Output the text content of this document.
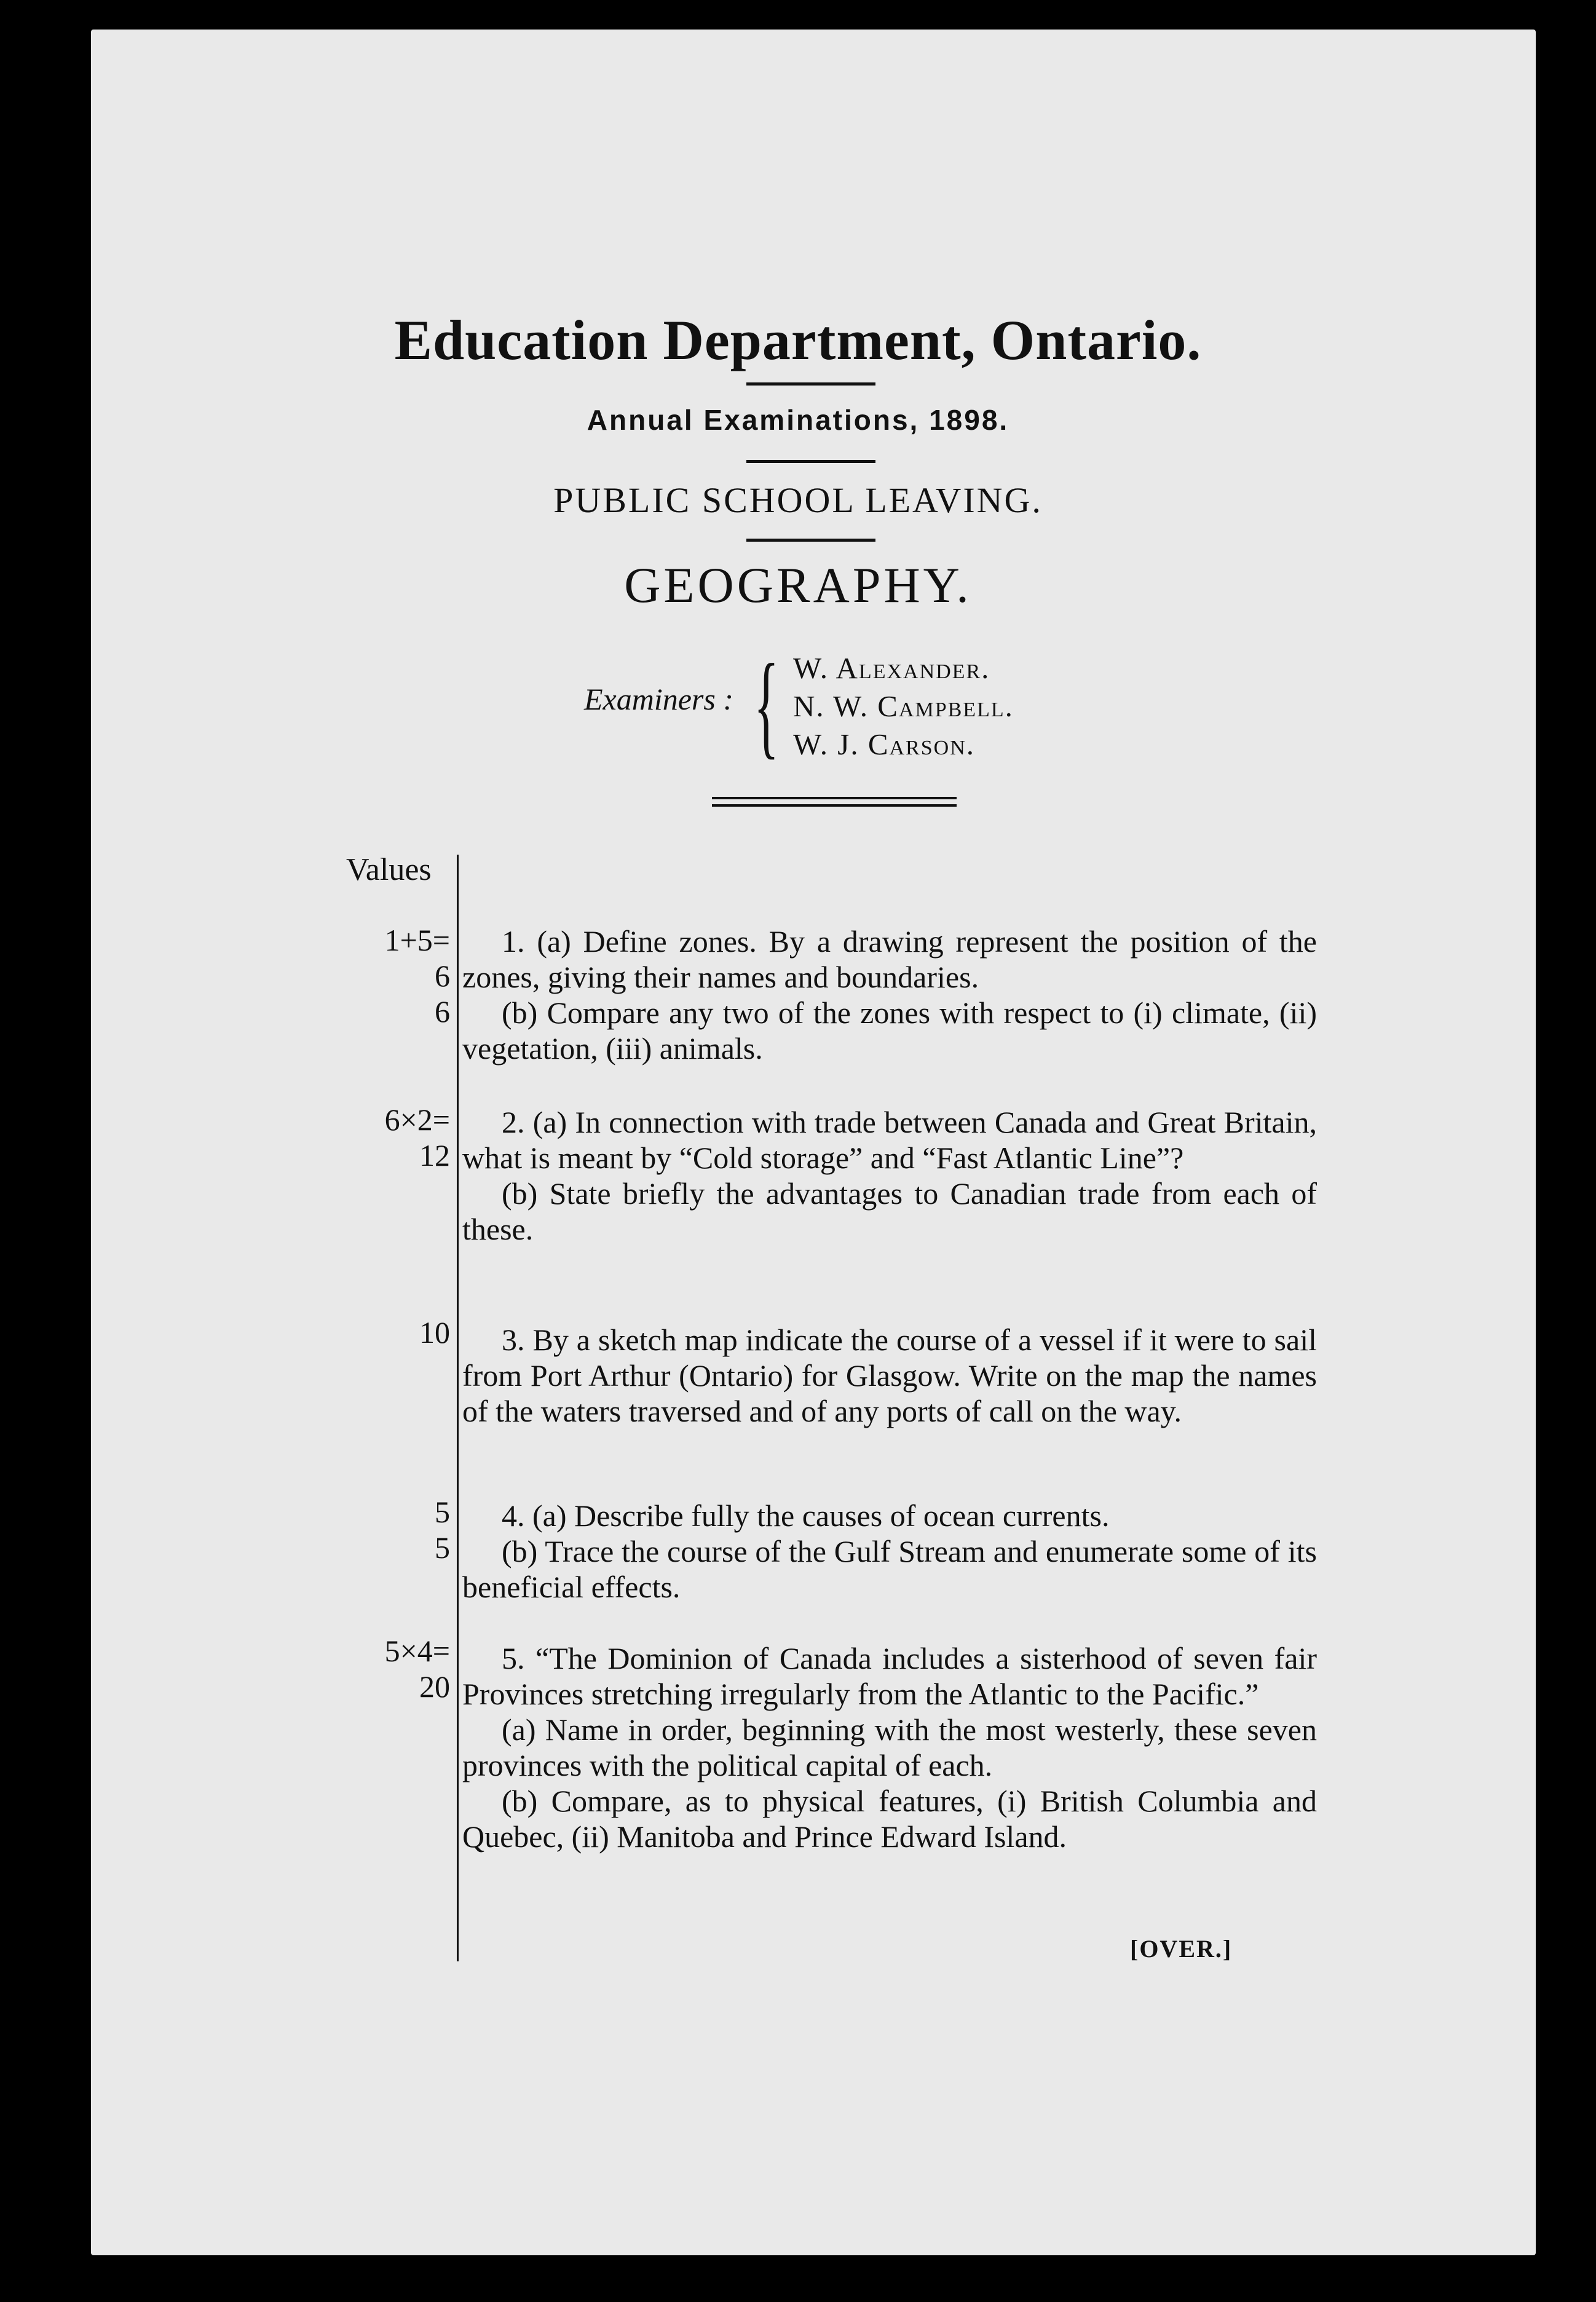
Education Department, Ontario.
Annual Examinations, 1898.
PUBLIC SCHOOL LEAVING.
GEOGRAPHY.
Examiners : { W. Alexander.
N. W. Campbell.
W. J. Carson.
Values
1+5=
6
6

1. (a) Define zones. By a drawing represent the position of the zones, giving their names and boundaries.

(b) Compare any two of the zones with respect to (i) climate, (ii) vegetation, (iii) animals.

6×2=
12

2. (a) In connection with trade between Canada and Great Britain, what is meant by “Cold storage” and “Fast Atlantic Line”?

(b) State briefly the advantages to Canadian trade from each of these.

10	3. By a sketch map indicate the course of a vessel if it were to sail from Port Arthur (Ontario) for Glasgow. Write on the map the names of the waters traversed and of any ports of call on the way.

5
5

4. (a) Describe fully the causes of ocean currents.

(b) Trace the course of the Gulf Stream and enumerate some of its beneficial effects.

5×4=
20

5. “The Dominion of Canada includes a sisterhood of seven fair Provinces stretching irregularly from the Atlantic to the Pacific.”

(a) Name in order, beginning with the most westerly, these seven provinces with the political capital of each.

(b) Compare, as to physical features, (i) British Columbia and Quebec, (ii) Manitoba and Prince Edward Island.

[OVER.]
